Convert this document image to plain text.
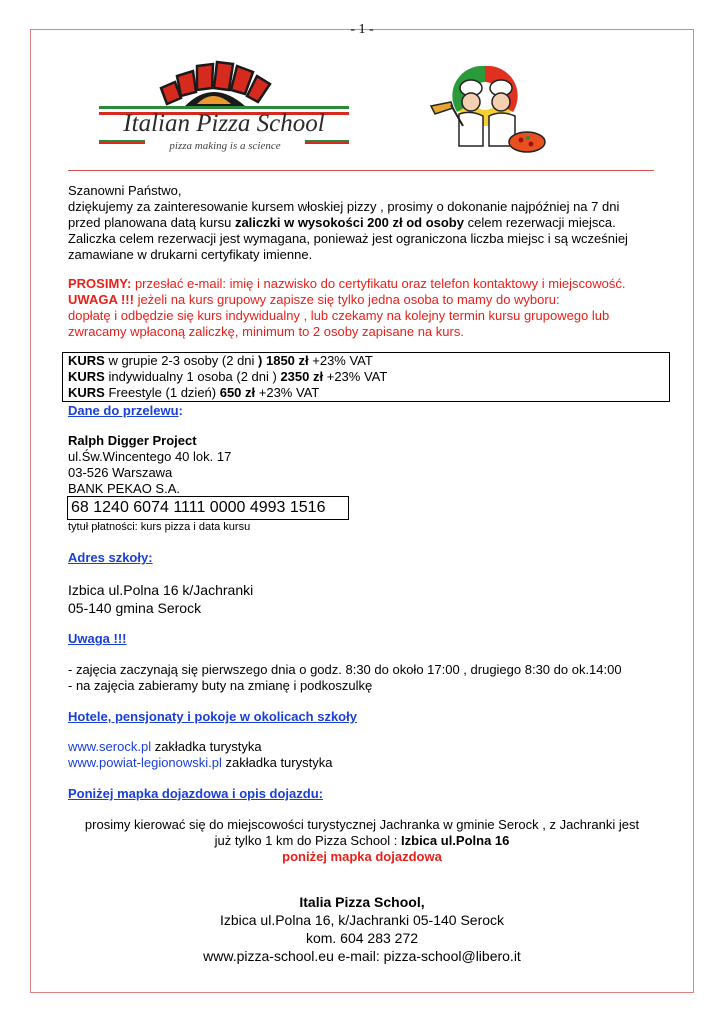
- 1 -
Italian Pizza School
pizza making is a science
Szanowni Państwo,
dziękujemy za zainteresowanie kursem włoskiej pizzy , prosimy o dokonanie najpóźniej na 7 dni
przed planowana datą kursu zaliczki w wysokości 200 zł od osoby celem rezerwacji miejsca.
Zaliczka celem rezerwacji jest wymagana, ponieważ jest ograniczona liczba miejsc i są wcześniej
zamawiane w drukarni certyfikaty imienne.
PROSIMY: przesłać e-mail: imię i nazwisko do certyfikatu oraz telefon kontaktowy i miejscowość.
UWAGA !!! jeżeli na kurs grupowy zapisze się tylko jedna osoba to mamy do wyboru:
dopłatę i odbędzie się kurs indywidualny , lub czekamy na kolejny termin kursu grupowego lub
zwracamy wpłaconą zaliczkę, minimum to 2 osoby zapisane na kurs.
KURS w grupie 2-3 osoby (2 dni ) 1850 zł +23% VAT
KURS indywidualny 1 osoba (2 dni ) 2350 zł +23% VAT
KURS Freestyle (1 dzień) 650 zł +23% VAT
Dane do przelewu:
Ralph Digger Project
ul.Św.Wincentego 40 lok. 17
03-526 Warszawa
BANK PEKAO S.A.
68 1240 6074 1111 0000 4993 1516
tytuł płatności: kurs pizza i data kursu
Adres szkoły:
Izbica ul.Polna 16 k/Jachranki
05-140 gmina Serock
Uwaga !!!
- zajęcia zaczynają się pierwszego dnia o godz. 8:30 do około 17:00 , drugiego 8:30 do ok.14:00
- na zajęcia zabieramy buty na zmianę i podkoszulkę
Hotele, pensjonaty i pokoje w okolicach szkoły
www.serock.pl zakładka turystyka
www.powiat-legionowski.pl zakładka turystyka
Poniżej mapka dojazdowa i opis dojazdu:
prosimy kierować się do miejscowości turystycznej Jachranka w gminie Serock , z Jachranki jest
już tylko 1 km do Pizza School : Izbica ul.Polna 16
poniżej mapka dojazdowa
Italia Pizza School,
Izbica ul.Polna 16, k/Jachranki 05-140 Serock
kom. 604 283 272
www.pizza-school.eu e-mail: pizza-school@libero.it
